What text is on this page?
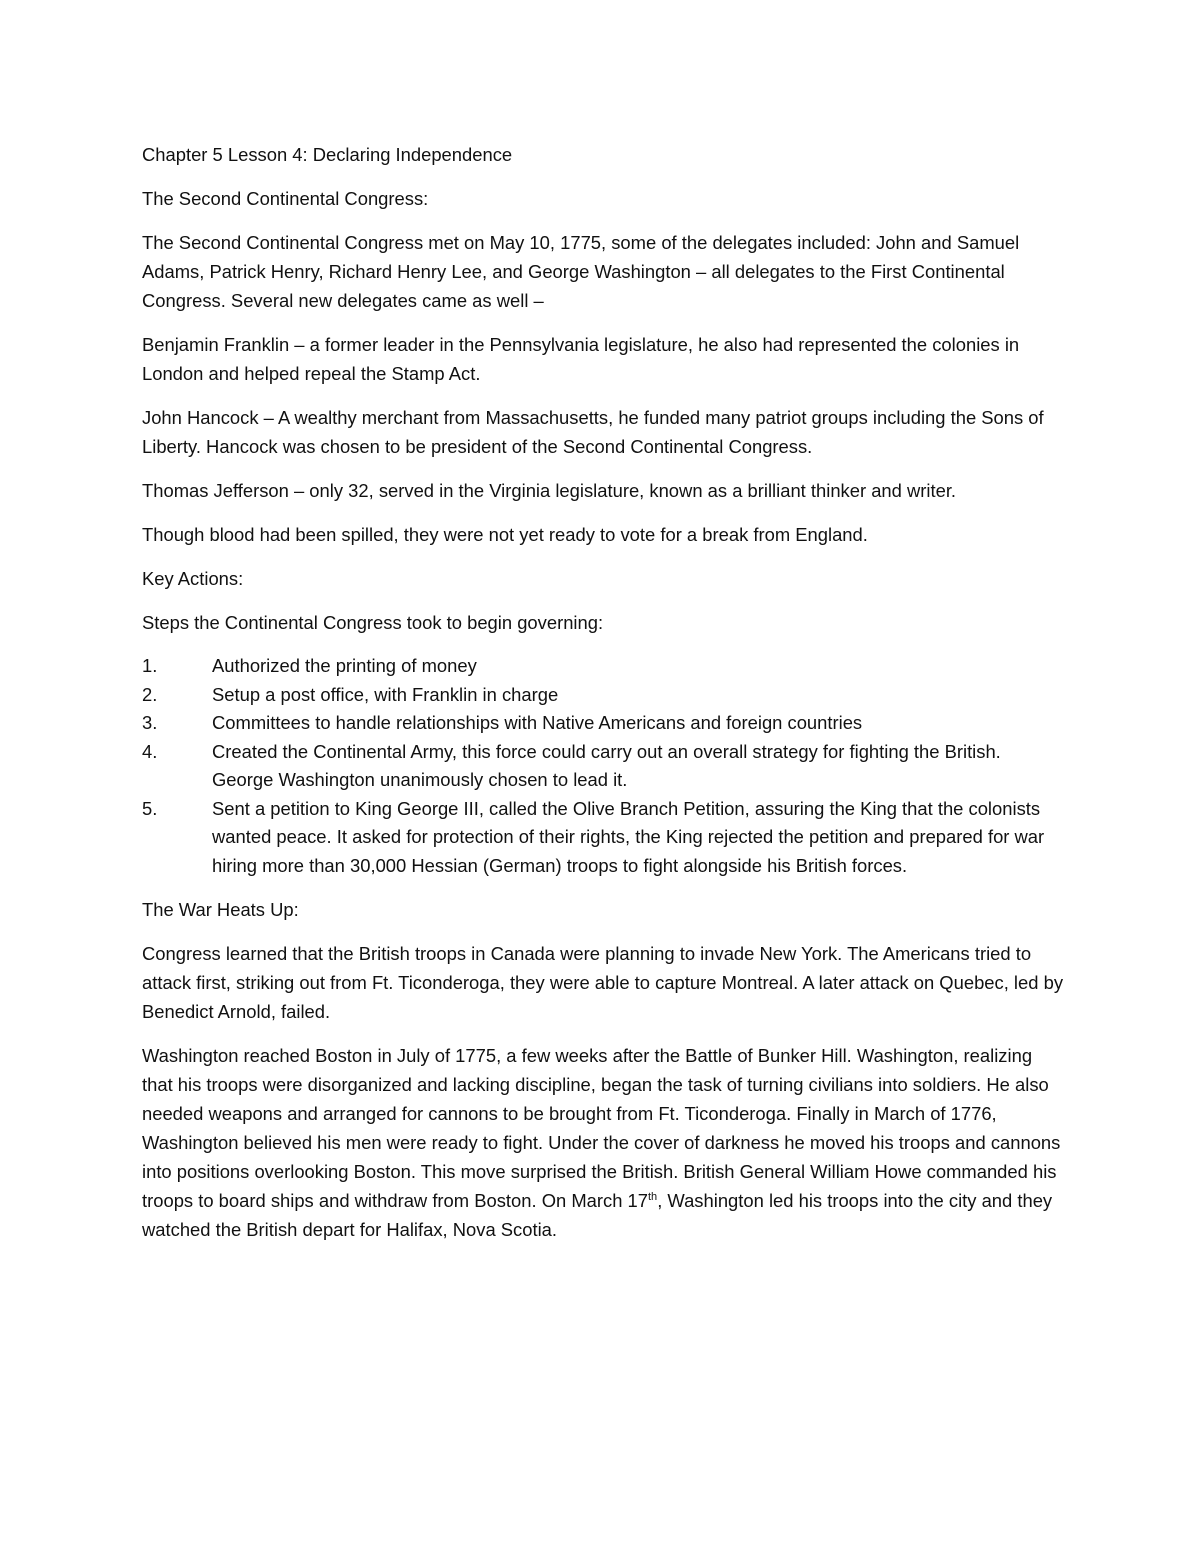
Chapter 5 Lesson 4: Declaring Independence

The Second Continental Congress:

The Second Continental Congress met on May 10, 1775, some of the delegates included: John and Samuel Adams, Patrick Henry, Richard Henry Lee, and George Washington – all delegates to the First Continental Congress. Several new delegates came as well –

Benjamin Franklin – a former leader in the Pennsylvania legislature, he also had represented the colonies in London and helped repeal the Stamp Act.

John Hancock – A wealthy merchant from Massachusetts, he funded many patriot groups including the Sons of Liberty. Hancock was chosen to be president of the Second Continental Congress.

Thomas Jefferson – only 32, served in the Virginia legislature, known as a brilliant thinker and writer.

Though blood had been spilled, they were not yet ready to vote for a break from England.

Key Actions:

Steps the Continental Congress took to begin governing:

1.	Authorized the printing of money
2.	Setup a post office, with Franklin in charge
3.	Committees to handle relationships with Native Americans and foreign countries
4.	Created the Continental Army, this force could carry out an overall strategy for fighting the British. George Washington unanimously chosen to lead it.
5.	Sent a petition to King George III, called the Olive Branch Petition, assuring the King that the colonists wanted peace. It asked for protection of their rights, the King rejected the petition and prepared for war hiring more than 30,000 Hessian (German) troops to fight alongside his British forces.

The War Heats Up:

Congress learned that the British troops in Canada were planning to invade New York. The Americans tried to attack first, striking out from Ft. Ticonderoga, they were able to capture Montreal. A later attack on Quebec, led by Benedict Arnold, failed.

Washington reached Boston in July of 1775, a few weeks after the Battle of Bunker Hill. Washington, realizing that his troops were disorganized and lacking discipline, began the task of turning civilians into soldiers. He also needed weapons and arranged for cannons to be brought from Ft. Ticonderoga. Finally in March of 1776, Washington believed his men were ready to fight. Under the cover of darkness he moved his troops and cannons into positions overlooking Boston. This move surprised the British. British General William Howe commanded his troops to board ships and withdraw from Boston. On March 17th, Washington led his troops into the city and they watched the British depart for Halifax, Nova Scotia.
